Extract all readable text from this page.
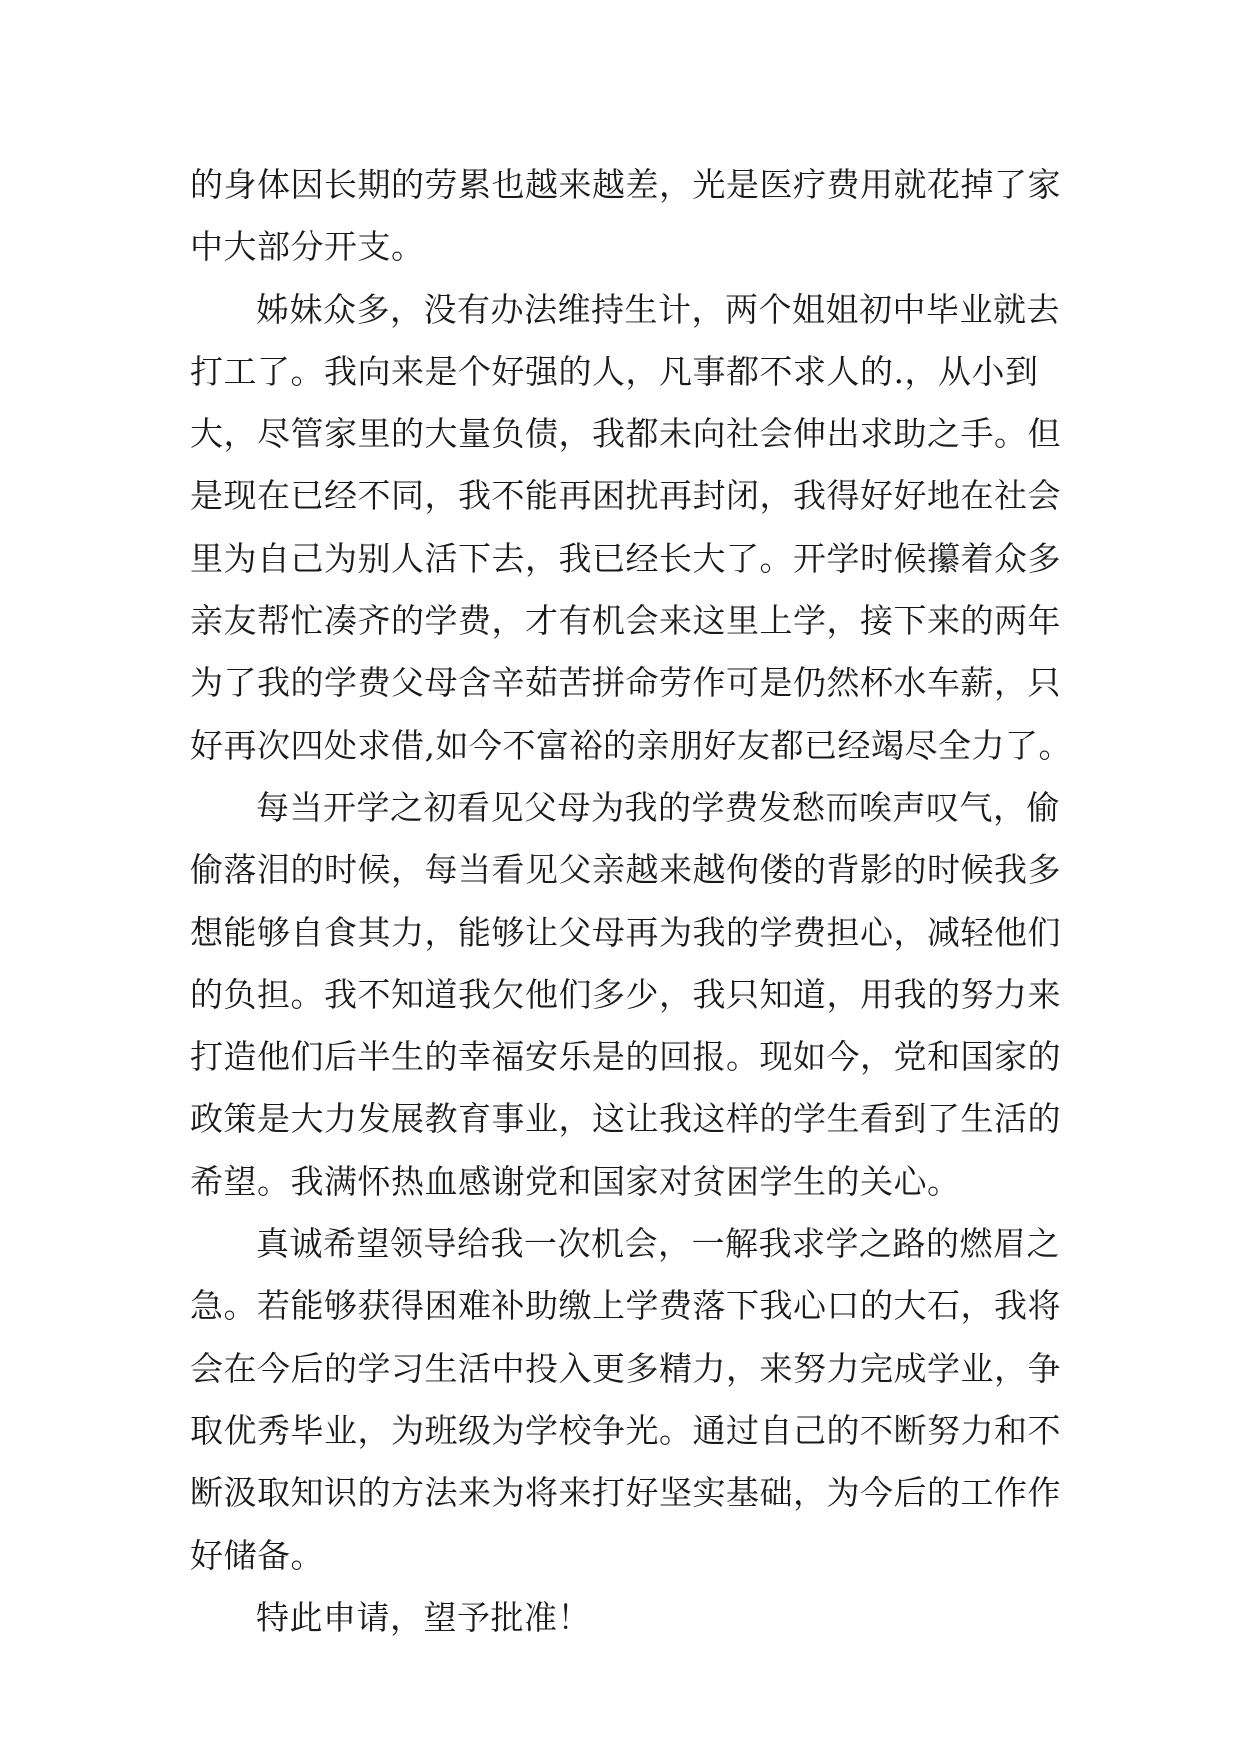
的身体因长期的劳累也越来越差，光是医疗费用就花掉了家
中大部分开支。
姊妹众多，没有办法维持生计，两个姐姐初中毕业就去
打工了。我向来是个好强的人，凡事都不求人的.，从小到
大，尽管家里的大量负债，我都未向社会伸出求助之手。但
是现在已经不同，我不能再困扰再封闭，我得好好地在社会
里为自己为别人活下去，我已经长大了。开学时候攥着众多
亲友帮忙凑齐的学费，才有机会来这里上学，接下来的两年
为了我的学费父母含辛茹苦拼命劳作可是仍然杯水车薪，只
好再次四处求借,如今不富裕的亲朋好友都已经竭尽全力了。
每当开学之初看见父母为我的学费发愁而唉声叹气，偷
偷落泪的时候，每当看见父亲越来越佝偻的背影的时候我多
想能够自食其力，能够让父母再为我的学费担心，减轻他们
的负担。我不知道我欠他们多少，我只知道，用我的努力来
打造他们后半生的幸福安乐是的回报。现如今，党和国家的
政策是大力发展教育事业，这让我这样的学生看到了生活的
希望。我满怀热血感谢党和国家对贫困学生的关心。
真诚希望领导给我一次机会，一解我求学之路的燃眉之
急。若能够获得困难补助缴上学费落下我心口的大石，我将
会在今后的学习生活中投入更多精力，来努力完成学业，争
取优秀毕业，为班级为学校争光。通过自己的不断努力和不
断汲取知识的方法来为将来打好坚实基础，为今后的工作作
好储备。
特此申请，望予批准！
